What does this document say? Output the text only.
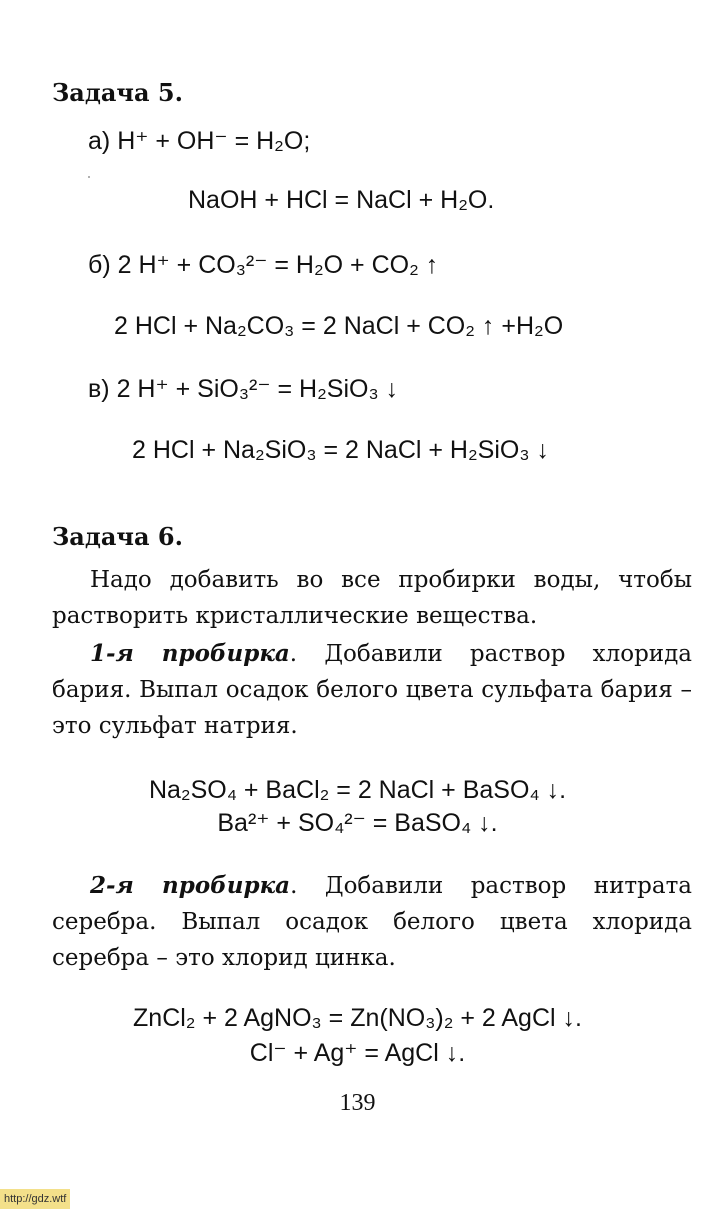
Задача 5.
а) H⁺ + OH⁻ = H₂O;
NaOH + HCl = NaCl + H₂O.
б) 2 H⁺ + CO₃²⁻ = H₂O + CO₂ ↑
2 HCl + Na₂CO₃ = 2 NaCl + CO₂ ↑ +H₂O
в) 2 H⁺ + SiO₃²⁻ = H₂SiO₃ ↓
2 HCl + Na₂SiO₃ = 2 NaCl + H₂SiO₃ ↓
Задача 6.

Надо добавить во все пробирки воды, чтобы растворить кристаллические вещества.

1-я пробирка. Добавили раствор хлорида бария. Выпал осадок белого цвета сульфата бария – это сульфат натрия.

Na₂SO₄ + BaCl₂ = 2 NaCl + BaSO₄ ↓.
Ba²⁺ + SO₄²⁻ = BaSO₄ ↓.

2-я пробирка. Добавили раствор нитрата серебра. Выпал осадок белого цвета хлорида серебра – это хлорид цинка.

ZnCl₂ + 2 AgNO₃ = Zn(NO₃)₂ + 2 AgCl ↓.
Cl⁻ + Ag⁺ = AgCl ↓.
139
http://gdz.wtf
